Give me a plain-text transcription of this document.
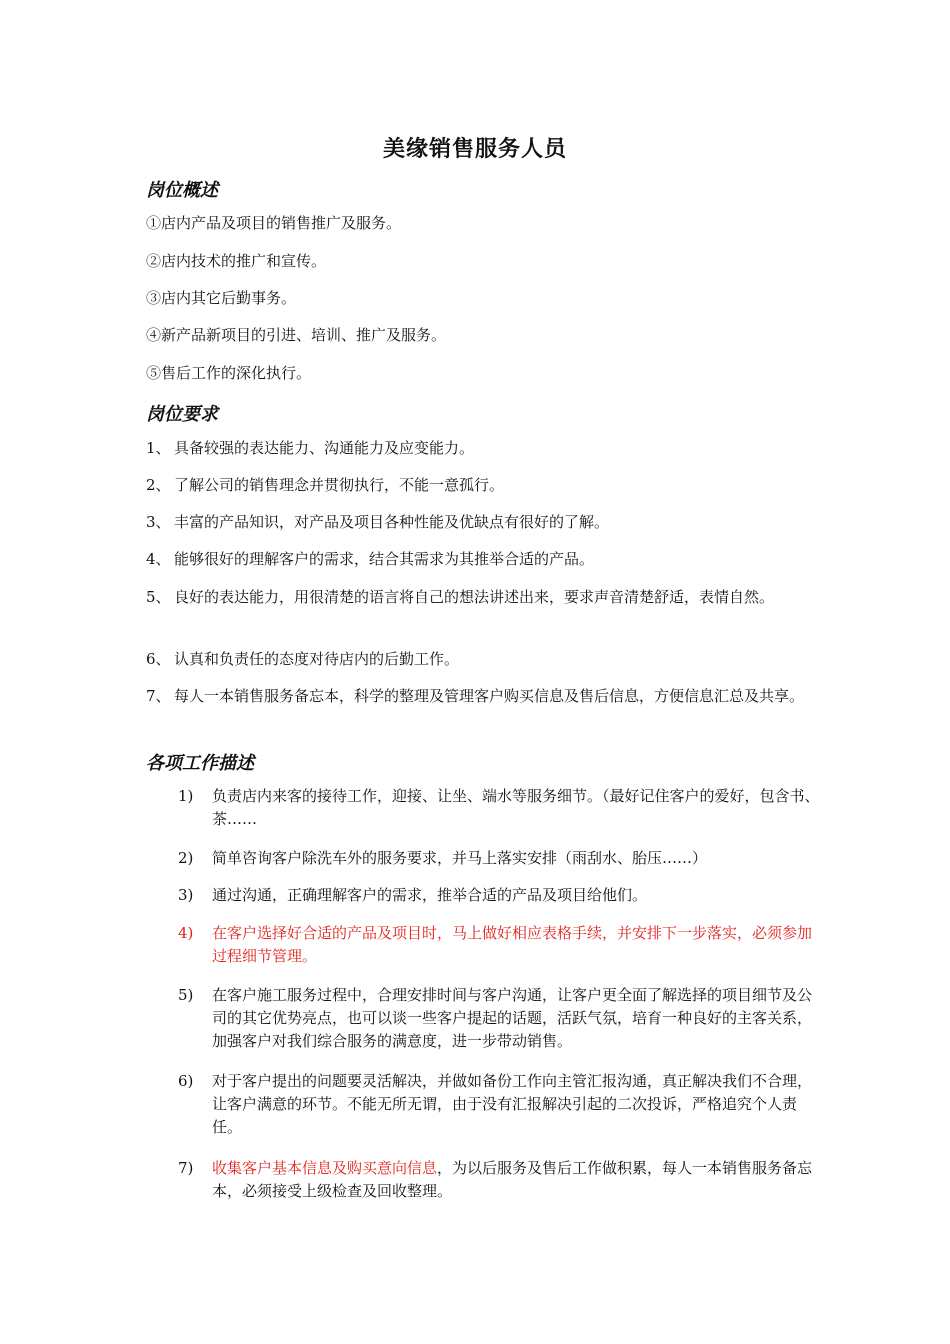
美缘销售服务人员
岗位概述
①店内产品及项目的销售推广及服务。
②店内技术的推广和宣传。
③店内其它后勤事务。
④新产品新项目的引进、培训、推广及服务。
⑤售后工作的深化执行。
岗位要求
1、 具备较强的表达能力、沟通能力及应变能力。
2、 了解公司的销售理念并贯彻执行，不能一意孤行。
3、 丰富的产品知识，对产品及项目各种性能及优缺点有很好的了解。
4、 能够很好的理解客户的需求，结合其需求为其推举合适的产品。
5、 良好的表达能力，用很清楚的语言将自己的想法讲述出来，要求声音清楚舒适，表情自然。
6、 认真和负责任的态度对待店内的后勤工作。
7、 每人一本销售服务备忘本，科学的整理及管理客户购买信息及售后信息，方便信息汇总及共享。
各项工作描述
1) 负责店内来客的接待工作，迎接、让坐、端水等服务细节。（最好记住客户的爱好，包含书、茶……
2) 简单咨询客户除洗车外的服务要求，并马上落实安排（雨刮水、胎压……）
3) 通过沟通，正确理解客户的需求，推举合适的产品及项目给他们。
4) 在客户选择好合适的产品及项目时，马上做好相应表格手续，并安排下一步落实，必须参加过程细节管理。
5) 在客户施工服务过程中，合理安排时间与客户沟通，让客户更全面了解选择的项目细节及公司的其它优势亮点，也可以谈一些客户提起的话题，活跃气氛，培育一种良好的主客关系，加强客户对我们综合服务的满意度，进一步带动销售。
6) 对于客户提出的问题要灵活解决，并做如备份工作向主管汇报沟通，真正解决我们不合理，让客户满意的环节。不能无所无谓，由于没有汇报解决引起的二次投诉，严格追究个人责任。
7) 收集客户基本信息及购买意向信息，为以后服务及售后工作做积累，每人一本销售服务备忘本，必须接受上级检查及回收整理。
